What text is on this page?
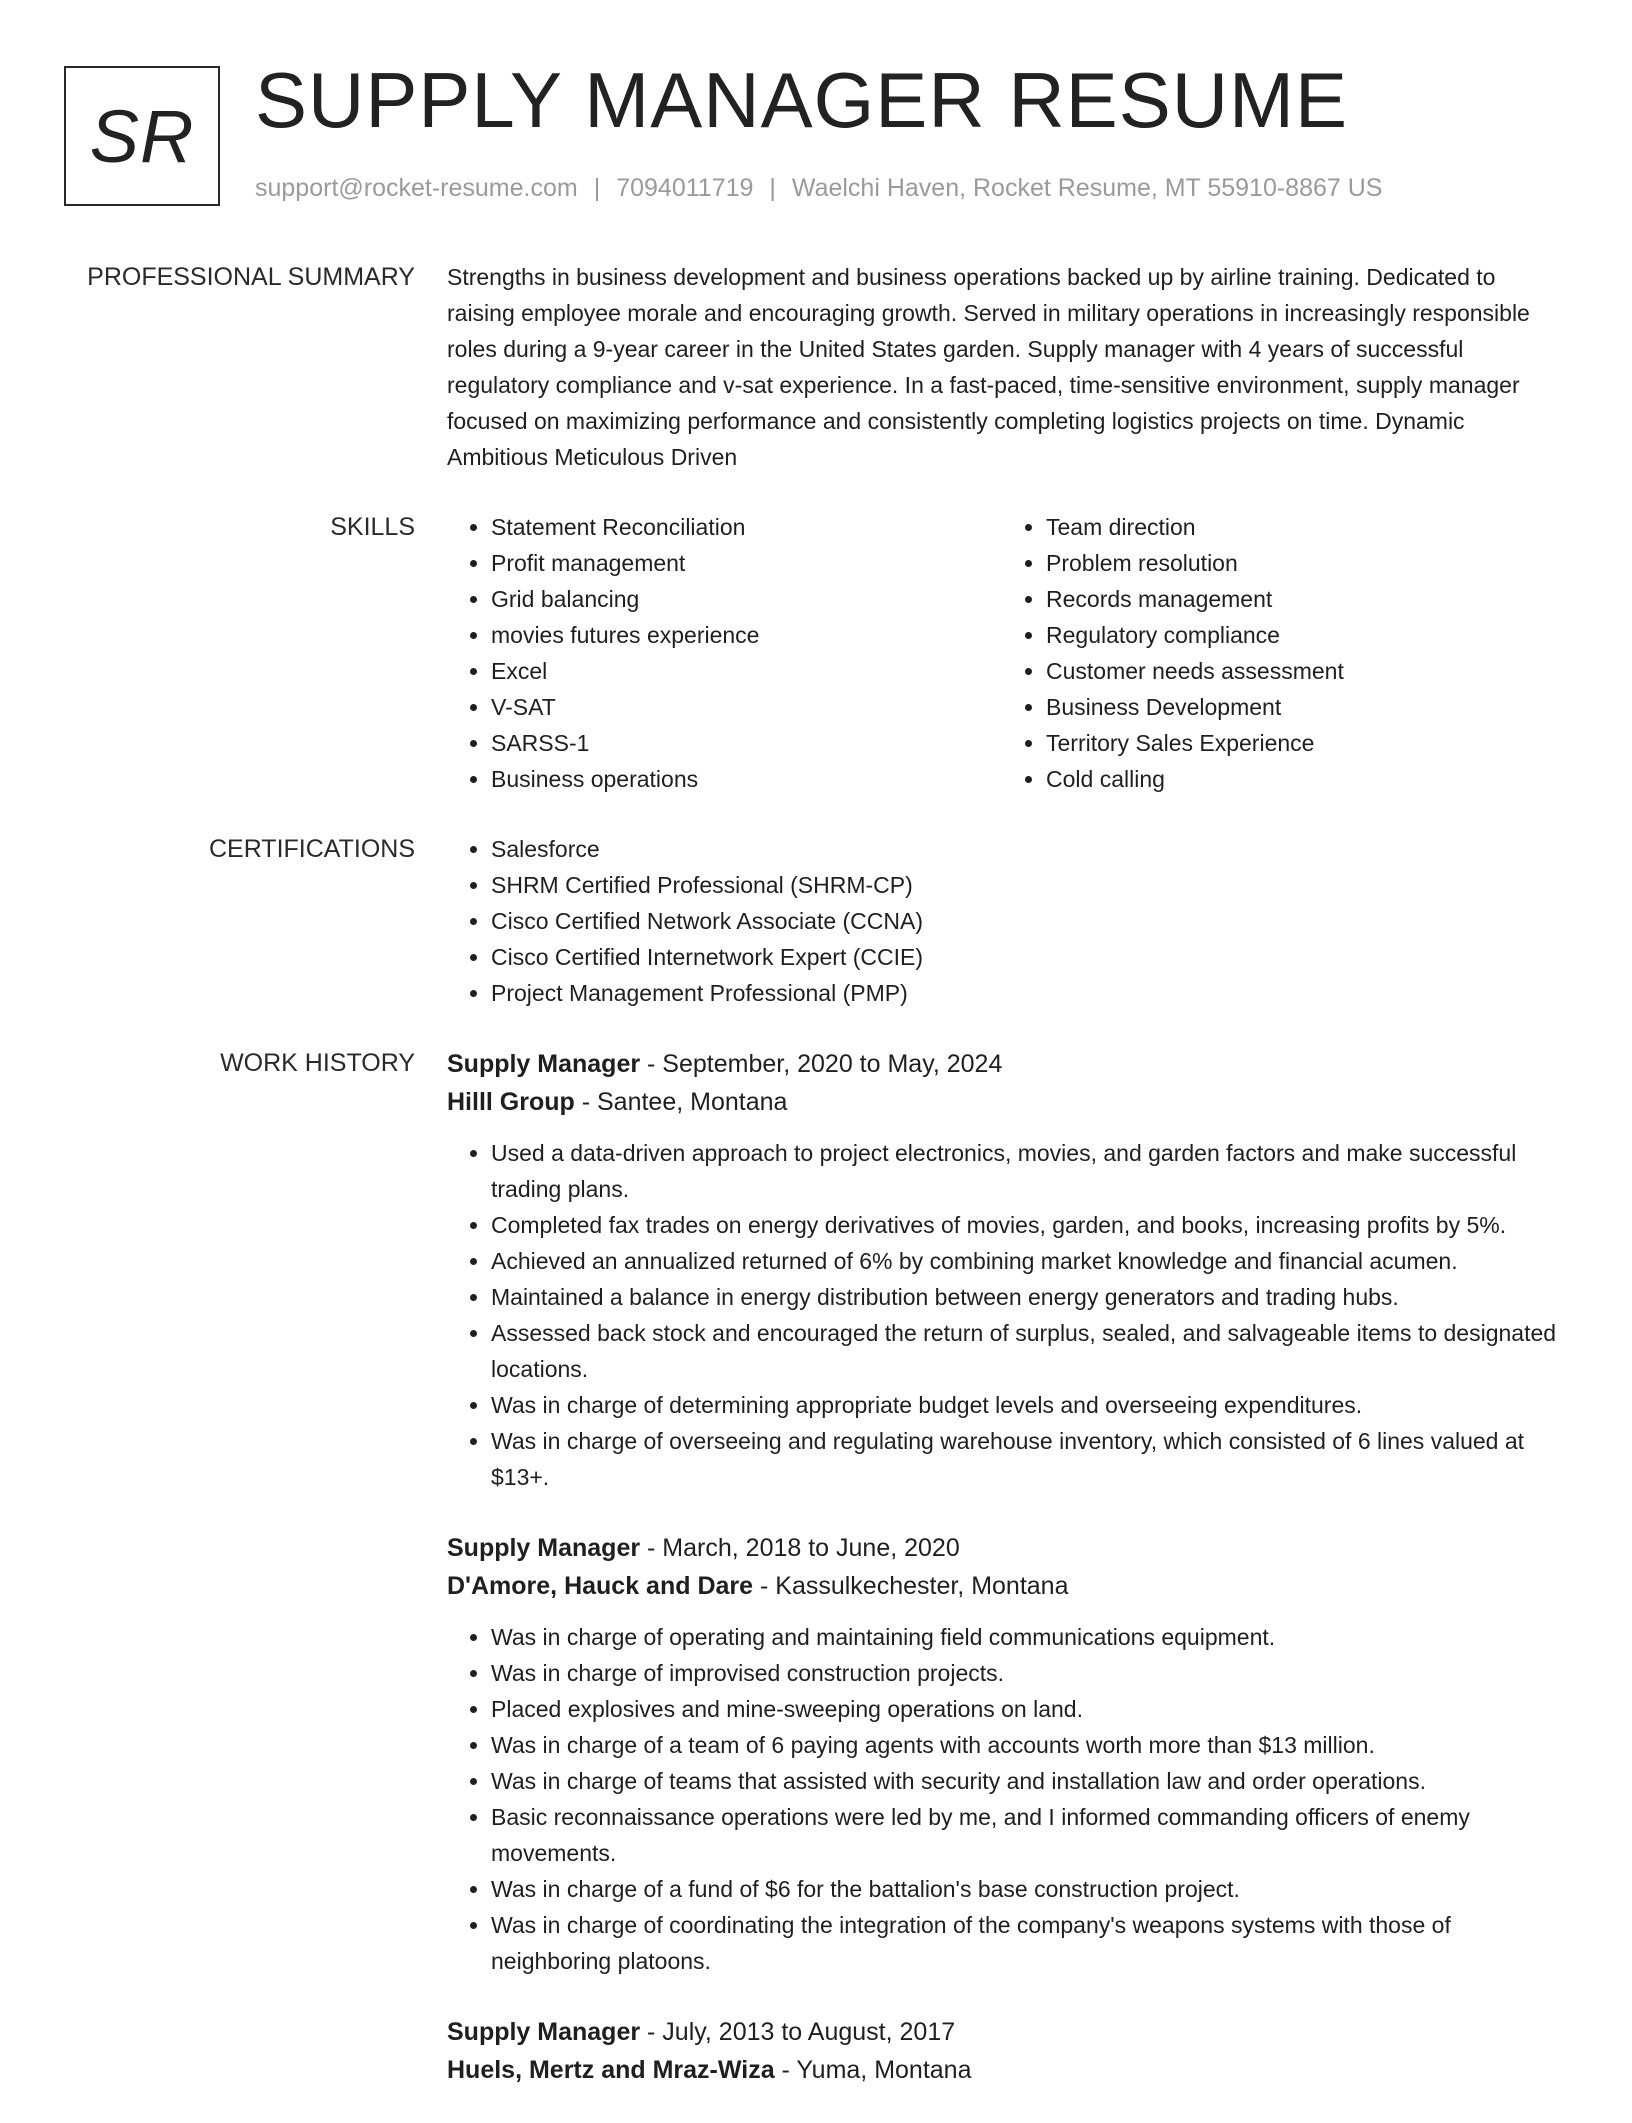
SR SUPPLY MANAGER RESUME
support@rocket-resume.com | 7094011719 | Waelchi Haven, Rocket Resume, MT 55910-8867 US
PROFESSIONAL SUMMARY Strengths in business development and business operations backed up by airline training. Dedicated to raising employee morale and encouraging growth. Served in military operations in increasingly responsible roles during a 9-year career in the United States garden. Supply manager with 4 years of successful regulatory compliance and v-sat experience. In a fast-paced, time-sensitive environment, supply manager focused on maximizing performance and consistently completing logistics projects on time. Dynamic Ambitious Meticulous Driven
SKILLS	• Statement Reconciliation
• Profit management
• Grid balancing
• movies futures experience
• Excel
• V-SAT
• SARSS-1
• Business operations
• Team direction
• Problem resolution
• Records management
• Regulatory compliance
• Customer needs assessment
• Business Development
• Territory Sales Experience
• Cold calling
CERTIFICATIONS	• Salesforce
• SHRM Certified Professional (SHRM-CP)
• Cisco Certified Network Associate (CCNA)
• Cisco Certified Internetwork Expert (CCIE)
• Project Management Professional (PMP)
WORK HISTORY Supply Manager - September, 2020 to May, 2024
Hilll Group - Santee, Montana
• Used a data-driven approach to project electronics, movies, and garden factors and make successful trading plans.
• Completed fax trades on energy derivatives of movies, garden, and books, increasing profits by 5%.
• Achieved an annualized returned of 6% by combining market knowledge and financial acumen.
• Maintained a balance in energy distribution between energy generators and trading hubs.
• Assessed back stock and encouraged the return of surplus, sealed, and salvageable items to designated locations.
• Was in charge of determining appropriate budget levels and overseeing expenditures.
• Was in charge of overseeing and regulating warehouse inventory, which consisted of 6 lines valued at $13+.
Supply Manager - March, 2018 to June, 2020
D'Amore, Hauck and Dare - Kassulkechester, Montana
• Was in charge of operating and maintaining field communications equipment.
• Was in charge of improvised construction projects.
• Placed explosives and mine-sweeping operations on land.
• Was in charge of a team of 6 paying agents with accounts worth more than $13 million.
• Was in charge of teams that assisted with security and installation law and order operations.
• Basic reconnaissance operations were led by me, and I informed commanding officers of enemy movements.
• Was in charge of a fund of $6 for the battalion's base construction project.
• Was in charge of coordinating the integration of the company's weapons systems with those of neighboring platoons.
Supply Manager - July, 2013 to August, 2017
Huels, Mertz and Mraz-Wiza - Yuma, Montana
